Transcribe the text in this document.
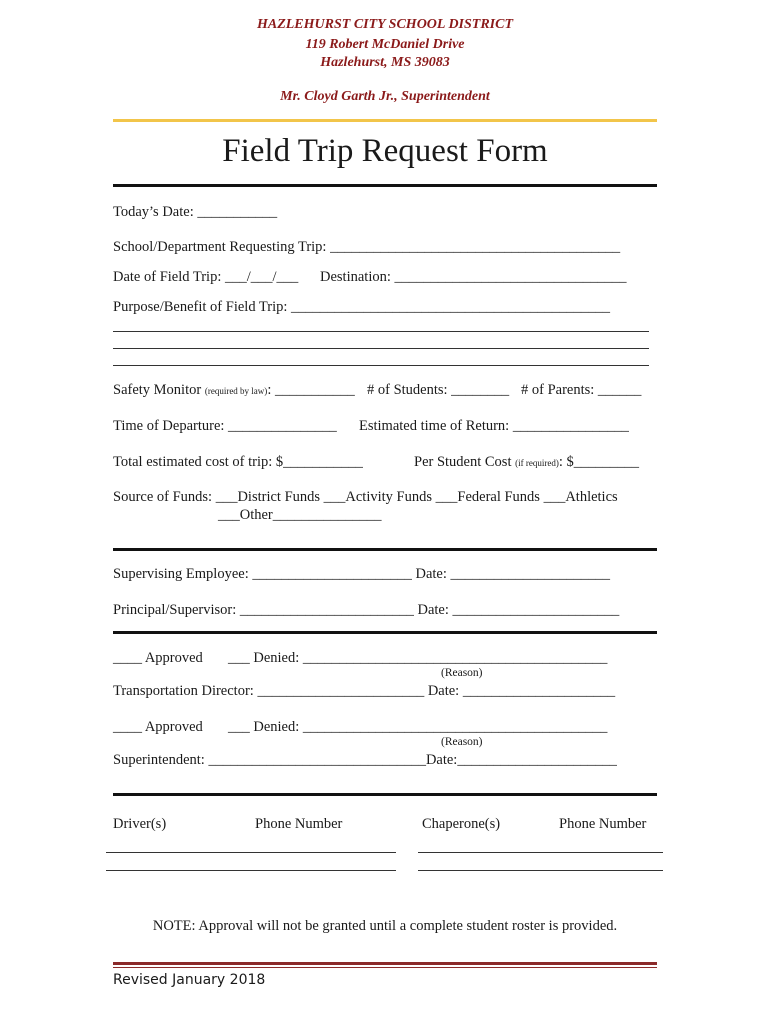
HAZLEHURST CITY SCHOOL DISTRICT
119 Robert McDaniel Drive
Hazlehurst, MS 39083
Mr. Cloyd Garth Jr., Superintendent
Field Trip Request Form
Today’s Date: ___________
School/Department Requesting Trip: ________________________________________
Date of Field Trip: ___/___/___ Destination: ________________________________
Purpose/Benefit of Field Trip: ____________________________________________
Safety Monitor (required by law): ___________ # of Students: ________ # of Parents: ______
Time of Departure: _______________ Estimated time of Return: ________________
Total estimated cost of trip: $___________	Per Student Cost (if required): $_________
Source of Funds: ___District Funds ___Activity Funds ___Federal Funds ___Athletics
___Other_______________
Supervising Employee: ______________________ Date: ______________________
Principal/Supervisor: ________________________ Date: _______________________
____ Approved ___ Denied: __________________________________________
(Reason)
Transportation Director: _______________________ Date: _____________________
____ Approved ___ Denied: __________________________________________
(Reason)
Superintendent: ______________________________Date:______________________
Driver(s)	Phone Number	Chaperone(s)	Phone Number
NOTE: Approval will not be granted until a complete student roster is provided.
Revised January 2018
